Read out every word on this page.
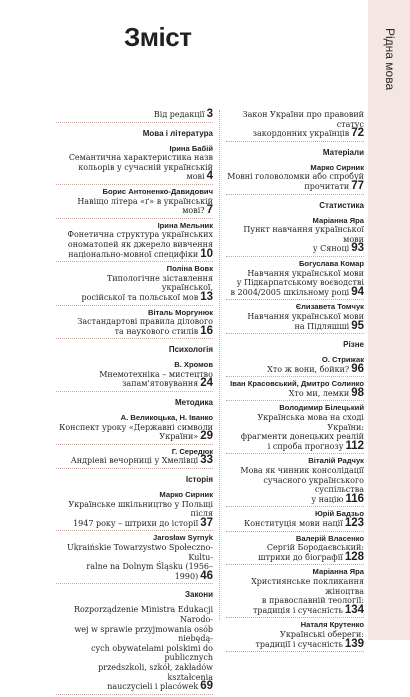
Зміст	Рідна мова
Від редакції 3
Мова і література
Ірина Бабій
Семантична характеристика назв
кольорів у сучасній українській мові 4
Борис Антоненко-Давидович
Навіщо літера «ґ» в українській мові? 7
Ірина Мельник
Фонетична структура українських
ономатопей як джерело вивчення
національно-мовної специфіки 10
Поліна Вовк
Типологічне зіставлення української,
російської та польської мов 13
Віталь Моргунюк
Застандартові правила ділового
та наукового стилів 16
Психологія
В. Хромов
Мнемотехніка – мистецтво
запам'ятовування 24
Методика
А. Великоцька, Н. Іванко
Конспект уроку «Державні символи
України» 29
Г. Середюк
Андріеві вечорниці у Хмелівці 33
Історія
Марко Сирник
Українське шкільництво у Польщі після
1947 року – штрихи до історії 37
Jarosław Syrnyk
Ukraińskie Towarzystwo Społeczno-Kultu-
ralne na Dolnym Śląsku (1956–1990) 46
Закони
Rozporządzenie Ministra Edukacji Narodo-
wej w sprawie przyjmowania osób niebędą-
cych obywatelami polskimi do publicznych
przedszkoli, szkół, zakładów kształcenia
nauczycieli i placówek 69
Закон України про правовий статус
закордонних українців 72
Матеріали
Марко Сирник
Мовні головоломки або спробуй
прочитати 77
Статистика
Маріанна Яра
Пункт навчання української мови
у Сяноці 93
Богуслава Комар
Навчання української мови
у Підкарпатському воєводстві
в 2004/2005 шкільному році 94
Єлизавета Томчук
Навчання української мови
на Підляшші 95
Різне
О. Стрижак
Хто ж вони, бойки? 96
Іван Красовський, Дмитро Солинко
Хто ми, лемки 98
Володимир Білецький
Українська мова на сході України:
фрагменти донецьких реалій
і спроба прогнозу 112
Віталій Радчук
Мова як чинник консолідації
сучасного українського суспільства
у націю 116
Юрій Бадзьо
Конституція мови нації 123
Валерій Власенко
Сергій Бородаєвський:
штрихи до біографії 128
Маріанна Яра
Християнське покликання жіноцтва
в православній теології:
традиція і сучасність 134
Наталя Крутенко
Українські обереги:
традиції і сучасність 139
